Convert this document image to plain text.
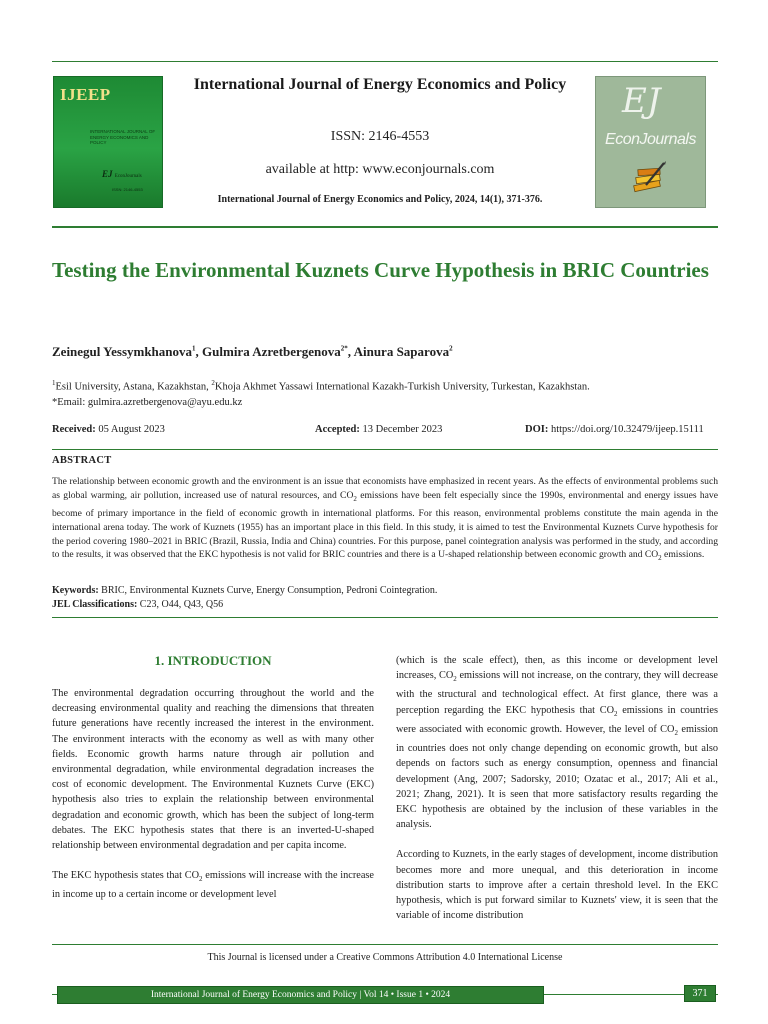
IJEEP
INTERNATIONAL JOURNAL OF ENERGY ECONOMICS AND POLICY
EJ EconJournals
ISSN: 2146-4553
International Journal of Energy Economics and Policy
ISSN: 2146-4553
available at http: www.econjournals.com
International Journal of Energy Economics and Policy, 2024, 14(1), 371-376.
EJ
EconJournals
Testing the Environmental Kuznets Curve Hypothesis in BRIC Countries
Zeinegul Yessymkhanova$^1$, Gulmira Azretbergenova$^{2*}$, Ainura Saparova$^2$
$^1$Esil University, Astana, Kazakhstan, $^2$Khoja Akhmet Yassawi International Kazakh-Turkish University, Turkestan, Kazakhstan.
*Email: gulmira.azretbergenova@ayu.edu.kz
Received: 05 August 2023	Accepted: 13 December 2023	DOI: https://doi.org/10.32479/ijeep.15111
ABSTRACT
The relationship between economic growth and the environment is an issue that economists have emphasized in recent years. As the effects of environmental problems such as global warming, air pollution, increased use of natural resources, and $CO_2$ emissions have been felt especially since the 1990s, environmental and energy issues have become of primary importance in the field of economic growth in international platforms. For this reason, environmental problems constitute the main agenda in the international arena today. The work of Kuznets (1955) has an important place in this field. In this study, it is aimed to test the Environmental Kuznets Curve hypothesis for the period covering 1980–2021 in BRIC (Brazil, Russia, India and China) countries. For this purpose, panel cointegration analysis was performed in the study, and according to the results, it was observed that the EKC hypothesis is not valid for BRIC countries and there is a U-shaped relationship between economic growth and $CO_2$ emissions.
Keywords: BRIC, Environmental Kuznets Curve, Energy Consumption, Pedroni Cointegration.
JEL Classifications: C23, O44, Q43, Q56
1. INTRODUCTION

The environmental degradation occurring throughout the world and the decreasing environmental quality and reaching the dimensions that threaten future generations have recently increased the interest in the environment. The environment interacts with the economy as well as with many other fields. Economic growth harms nature through air pollution and environmental degradation, while environmental degradation increases the cost of economic development. The Environmental Kuznets Curve (EKC) hypothesis also tries to explain the relationship between environmental degradation and economic growth, which has been the subject of long-term debates. The EKC hypothesis states that there is an inverted-U-shaped relationship between environmental degradation and per capita income.

The EKC hypothesis states that $CO_2$ emissions will increase with the increase in income up to a certain income or development level

(which is the scale effect), then, as this income or development level increases, $CO_2$ emissions will not increase, on the contrary, they will decrease with the structural and technological effect. At first glance, there was a perception regarding the EKC hypothesis that $CO_2$ emissions in countries were associated with economic growth. However, the level of $CO_2$ emission in countries does not only change depending on economic growth, but also depends on factors such as energy consumption, openness and financial development (Ang, 2007; Sadorsky, 2010; Ozatac et al., 2017; Ali et al., 2021; Zhang, 2021). It is seen that more satisfactory results regarding the EKC hypothesis are obtained by the inclusion of these variables in the analysis.

According to Kuznets, in the early stages of development, income distribution becomes more and more unequal, and this deterioration in income distribution starts to improve after a certain threshold level. In the EKC hypothesis, which is put forward similar to Kuznets' view, it is seen that the variable of income distribution

This Journal is licensed under a Creative Commons Attribution 4.0 International License
International Journal of Energy Economics and Policy | Vol 14 • Issue 1 • 2024	371
